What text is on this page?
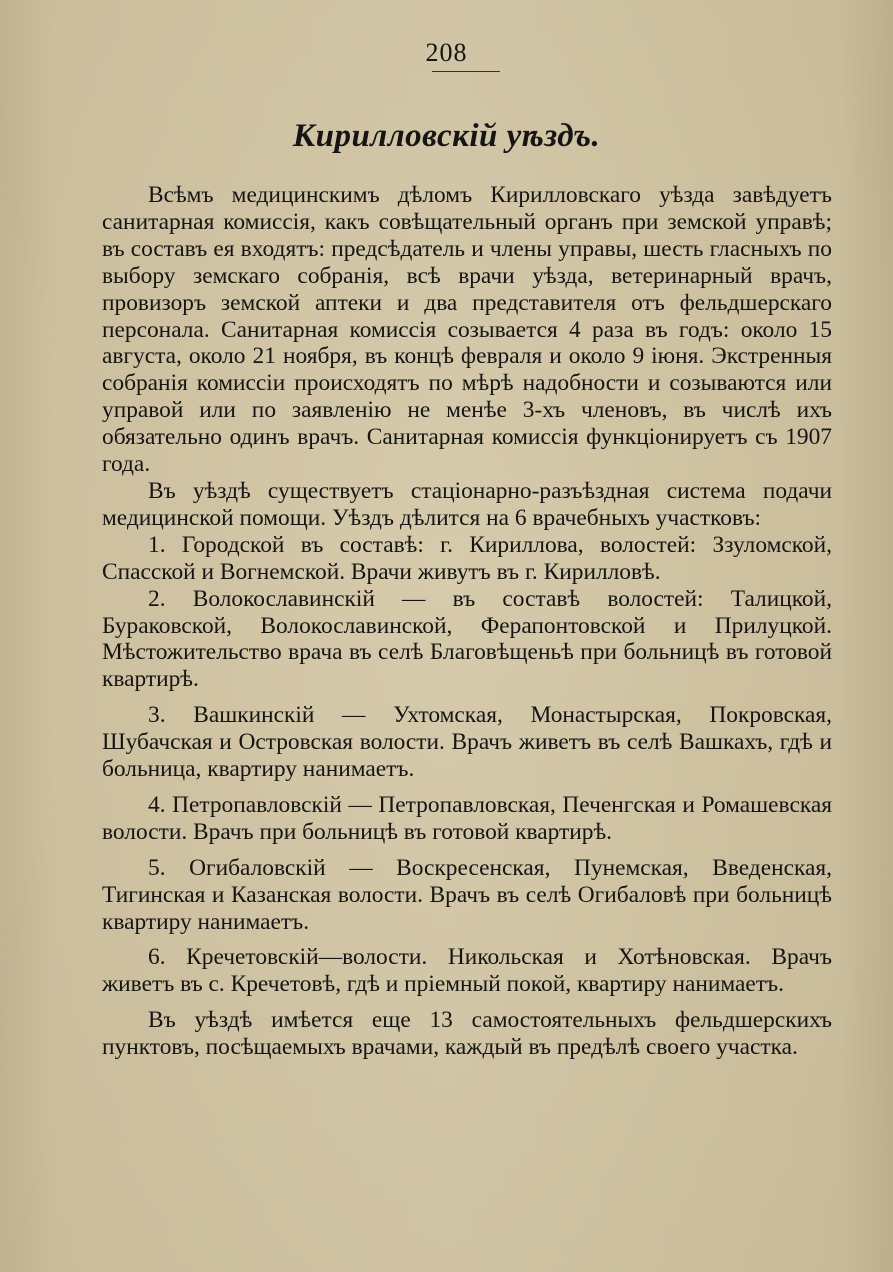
208
Кирилловскій уѣздъ.

Всѣмъ медицинскимъ дѣломъ Кирилловскаго уѣзда завѣдуетъ санитарная комиссія, какъ совѣщательный органъ при земской управѣ; въ составъ ея входятъ: предсѣдатель и члены управы, шесть гласныхъ по выбору земскаго собранія, всѣ врачи уѣзда, ветеринарный врачъ, провизоръ земской аптеки и два представителя отъ фельдшерскаго персонала. Санитарная комиссія созывается 4 раза въ годъ: около 15 августа, около 21 ноября, въ концѣ февраля и около 9 іюня. Экстренныя собранія комиссіи происходятъ по мѣрѣ надобности и созываются или управой или по заявленію не менѣе 3-хъ членовъ, въ числѣ ихъ обязательно одинъ врачъ. Санитарная комиссія функціонируетъ съ 1907 года.

Въ уѣздѣ существуетъ стаціонарно-разъѣздная система подачи медицинской помощи. Уѣздъ дѣлится на 6 врачебныхъ участковъ:

1. Городской въ составѣ: г. Кириллова, волостей: Ззуломской, Спасской и Вогнемской. Врачи живутъ въ г. Кирилловѣ.

2. Волокославинскій — въ составѣ волостей: Талицкой, Бураковской, Волокославинской, Ферапонтовской и Прилуцкой. Мѣстожительство врача въ селѣ Благовѣщеньѣ при больницѣ въ готовой квартирѣ.

3. Вашкинскій — Ухтомская, Монастырская, Покровская, Шубачская и Островская волости. Врачъ живетъ въ селѣ Вашкахъ, гдѣ и больница, квартиру нанимаетъ.

4. Петропавловскій — Петропавловская, Печенгская и Ромашевская волости. Врачъ при больницѣ въ готовой квартирѣ.

5. Огибаловскій — Воскресенская, Пунемская, Введенская, Тигинская и Казанская волости. Врачъ въ селѣ Огибаловѣ при больницѣ квартиру нанимаетъ.

6. Кречетовскій—волости. Никольская и Хотѣновская. Врачъ живетъ въ с. Кречетовѣ, гдѣ и пріемный покой, квартиру нанимаетъ.

Въ уѣздѣ имѣется еще 13 самостоятельныхъ фельдшерскихъ пунктовъ, посѣщаемыхъ врачами, каждый въ предѣлѣ своего участка.
